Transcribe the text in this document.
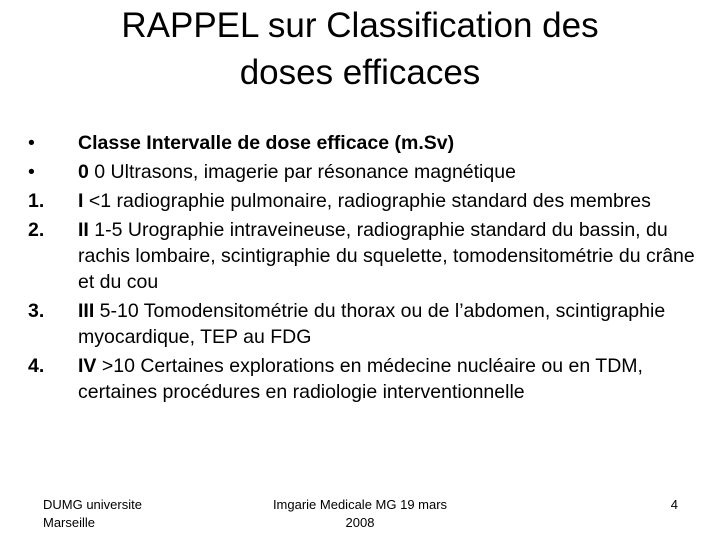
RAPPEL sur Classification des
doses efficaces
•	Classe Intervalle de dose efficace (m.Sv)
•	0 0 Ultrasons, imagerie par résonance magnétique
1.	I <1 radiographie pulmonaire, radiographie standard des membres
2.	II 1-5 Urographie intraveineuse, radiographie standard du bassin, du rachis lombaire, scintigraphie du squelette, tomodensitométrie du crâne et du cou
3.	III 5-10 Tomodensitométrie du thorax ou de l’abdomen, scintigraphie myocardique, TEP au FDG
4.	IV >10 Certaines explorations en médecine nucléaire ou en TDM, certaines procédures en radiologie interventionnelle
DUMG universite
Marseille
Imgarie Medicale MG 19 mars
2008
4
